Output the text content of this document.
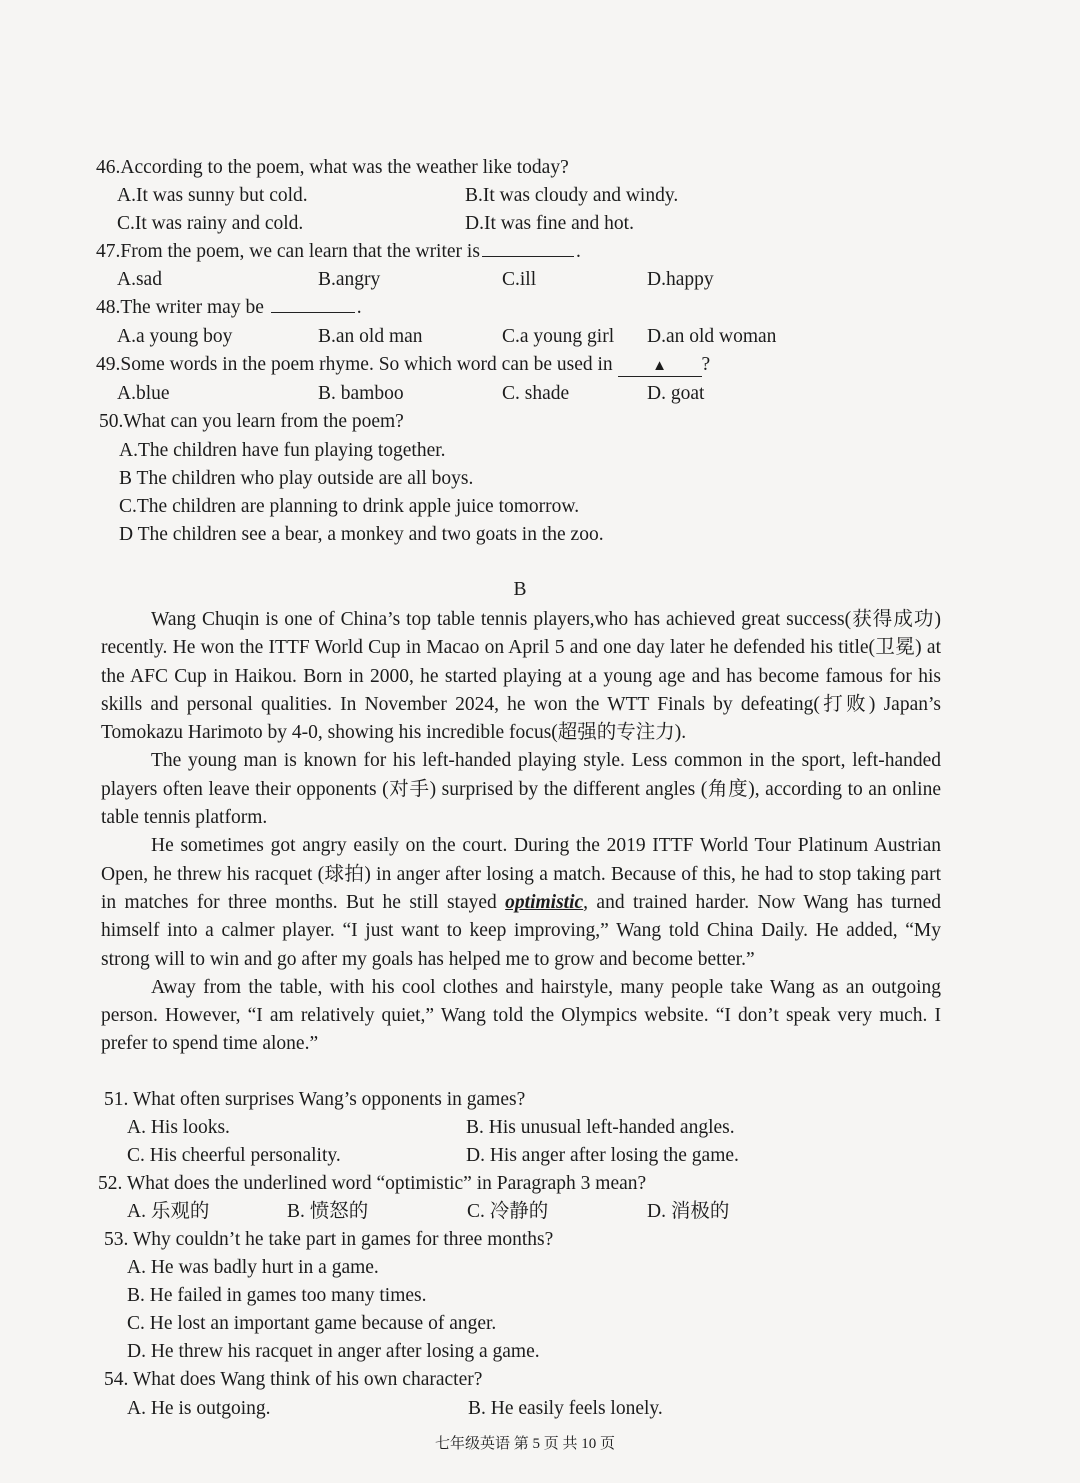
46.According to the poem, what was the weather like today?
A.It was sunny but cold.	B.It was cloudy and windy.
C.It was rainy and cold.	D.It was fine and hot.
47.From the poem, we can learn that the writer is	.
A.sad	B.angry	C.ill	D.happy
48.The writer may be	.
A.a young boy	B.an old man	C.a young girl D.an old woman
49.Some words in the poem rhyme. So which word can be used in	▲ ?
A.blue	B. bamboo	C. shade	D. goat
50.What can you learn from the poem?
A.The children have fun playing together.
B The children who play outside are all boys.
C.The children are planning to drink apple juice tomorrow.
D The children see a bear, a monkey and two goats in the zoo.
B

Wang Chuqin is one of China’s top table tennis players,who has achieved great success(获得成功) recently. He won the ITTF World Cup in Macao on April 5 and one day later he defended his title(卫冕) at the AFC Cup in Haikou. Born in 2000, he started playing at a young age and has become famous for his skills and personal qualities. In November 2024, he won the WTT Finals by defeating(打败) Japan’s Tomokazu Harimoto by 4-0, showing his incredible focus(超强的专注力).

The young man is known for his left-handed playing style. Less common in the sport, left-handed players often leave their opponents (对手) surprised by the different angles (角度), according to an online table tennis platform.

He sometimes got angry easily on the court. During the 2019 ITTF World Tour Platinum Austrian Open, he threw his racquet (球拍) in anger after losing a match. Because of this, he had to stop taking part in matches for three months. But he still stayed optimistic, and trained harder. Now Wang has turned himself into a calmer player. “I just want to keep improving,” Wang told China Daily. He added, “My strong will to win and go after my goals has helped me to grow and become better.”

Away from the table, with his cool clothes and hairstyle, many people take Wang as an outgoing person. However, “I am relatively quiet,” Wang told the Olympics website. “I don’t speak very much. I prefer to spend time alone.”

51. What often surprises Wang’s opponents in games?
A. His looks.	B. His unusual left-handed angles.
C. His cheerful personality.	D. His anger after losing the game.
52. What does the underlined word “optimistic” in Paragraph 3 mean?
A. 乐观的	B. 愤怒的	C. 冷静的	D. 消极的
53. Why couldn’t he take part in games for three months?
A. He was badly hurt in a game.
B. He failed in games too many times.
C. He lost an important game because of anger.
D. He threw his racquet in anger after losing a game.
54. What does Wang think of his own character?
A. He is outgoing.	B. He easily feels lonely.
七年级英语 第 5 页 共 10 页
